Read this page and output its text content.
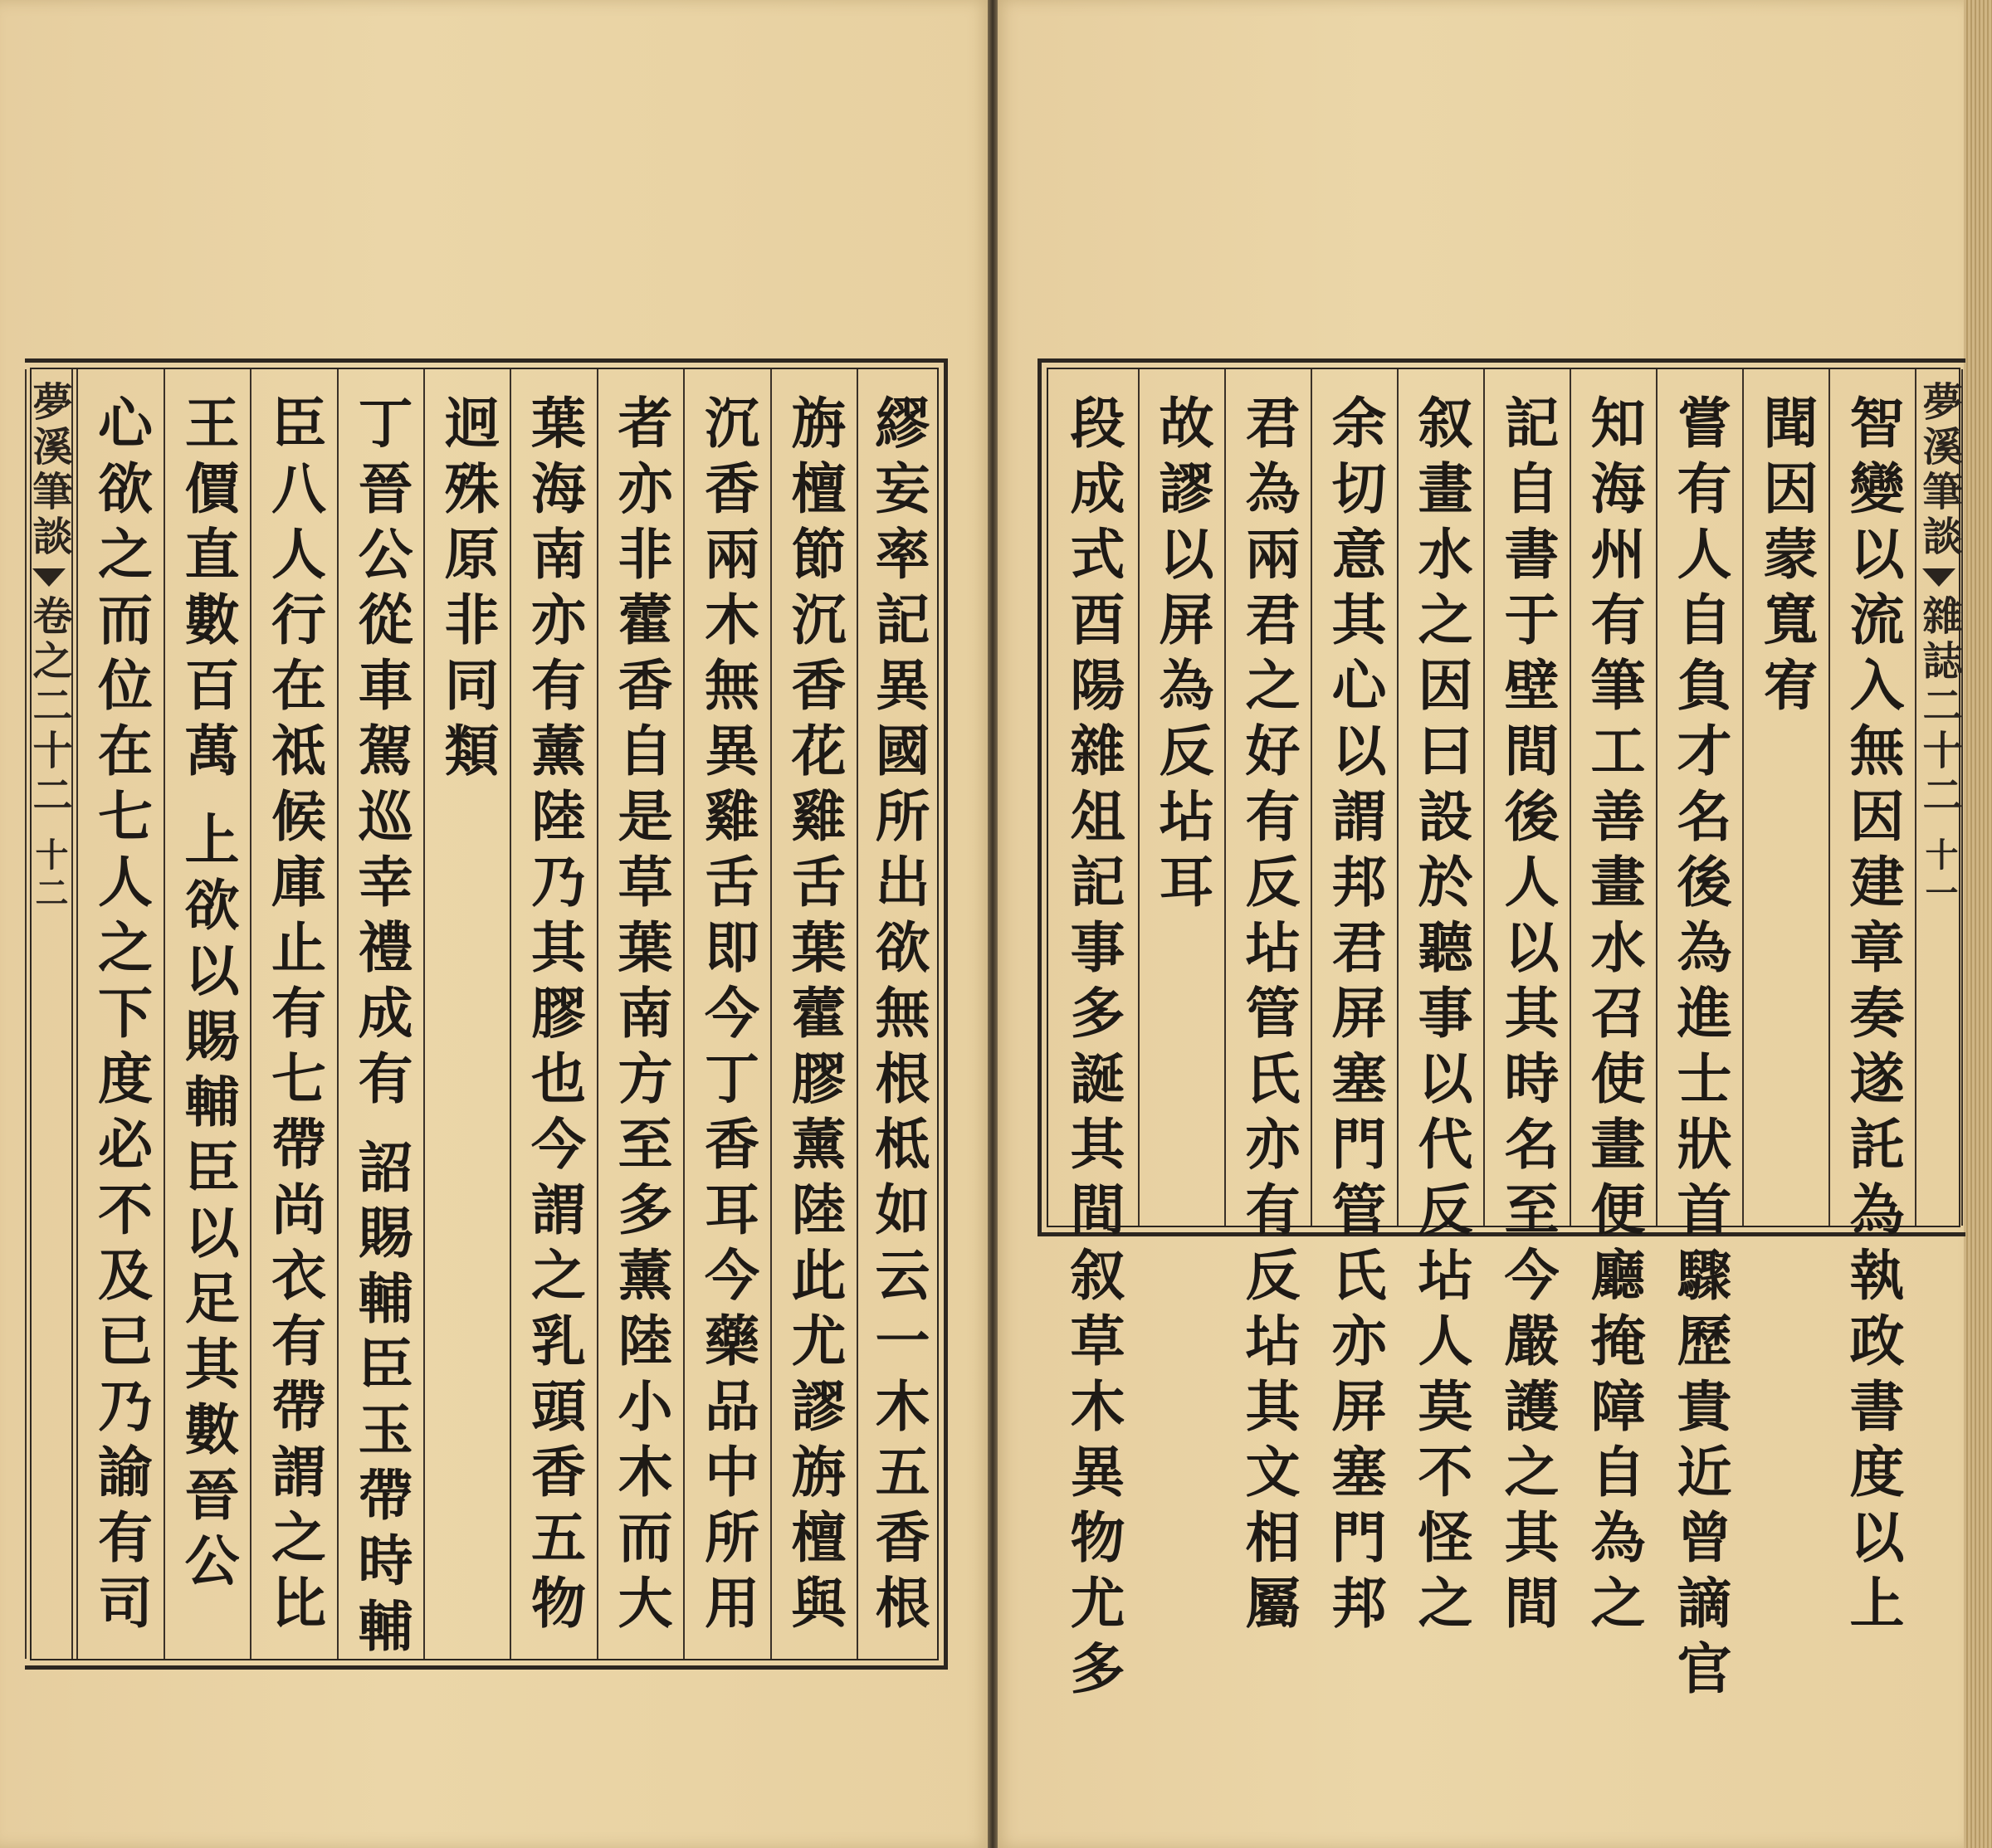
夢溪筆談
卷之二十二
十二 心欲之而位在七人之下度必不及已乃諭有司 王價直數百萬
上欲以賜輔臣以足其數晉公 臣八人行在祗候庫止有七帶尚衣有帶謂之比 丁晉公從車駕巡幸禮成有
詔賜輔臣玉帶時輔
迥殊原非同類 葉海南亦有薰陸乃其膠也今謂之乳頭香五物 者亦非藿香自是草葉南方至多薰陸小木而大 沉香兩木無異雞舌即今丁香耳今藥品中所用 旃檀節沉香花雞舌葉藿膠薰陸此尤謬旃檀與 繆妄率記異國所出欲無根柢如云一木五香根 段成式酉陽雜俎記事多誕其間叙草木異物尤多 故謬以屏為反坫耳 君為兩君之好有反坫管氏亦有反坫其文相屬 余切意其心以謂邦君屏塞門管氏亦屏塞門邦 叙畫水之因曰設於聽事以代反坫人莫不怪之 記自書于壁間後人以其時名至今嚴護之其間 知海州有筆工善畫水召使畫便廳掩障自為之 嘗有人自負才名後為進士狀首驟歷貴近曾謫官 聞因蒙寬宥 智變以流入無因建章奏遂託為執政書度以上 夢溪筆談
雜誌二十二
十一
